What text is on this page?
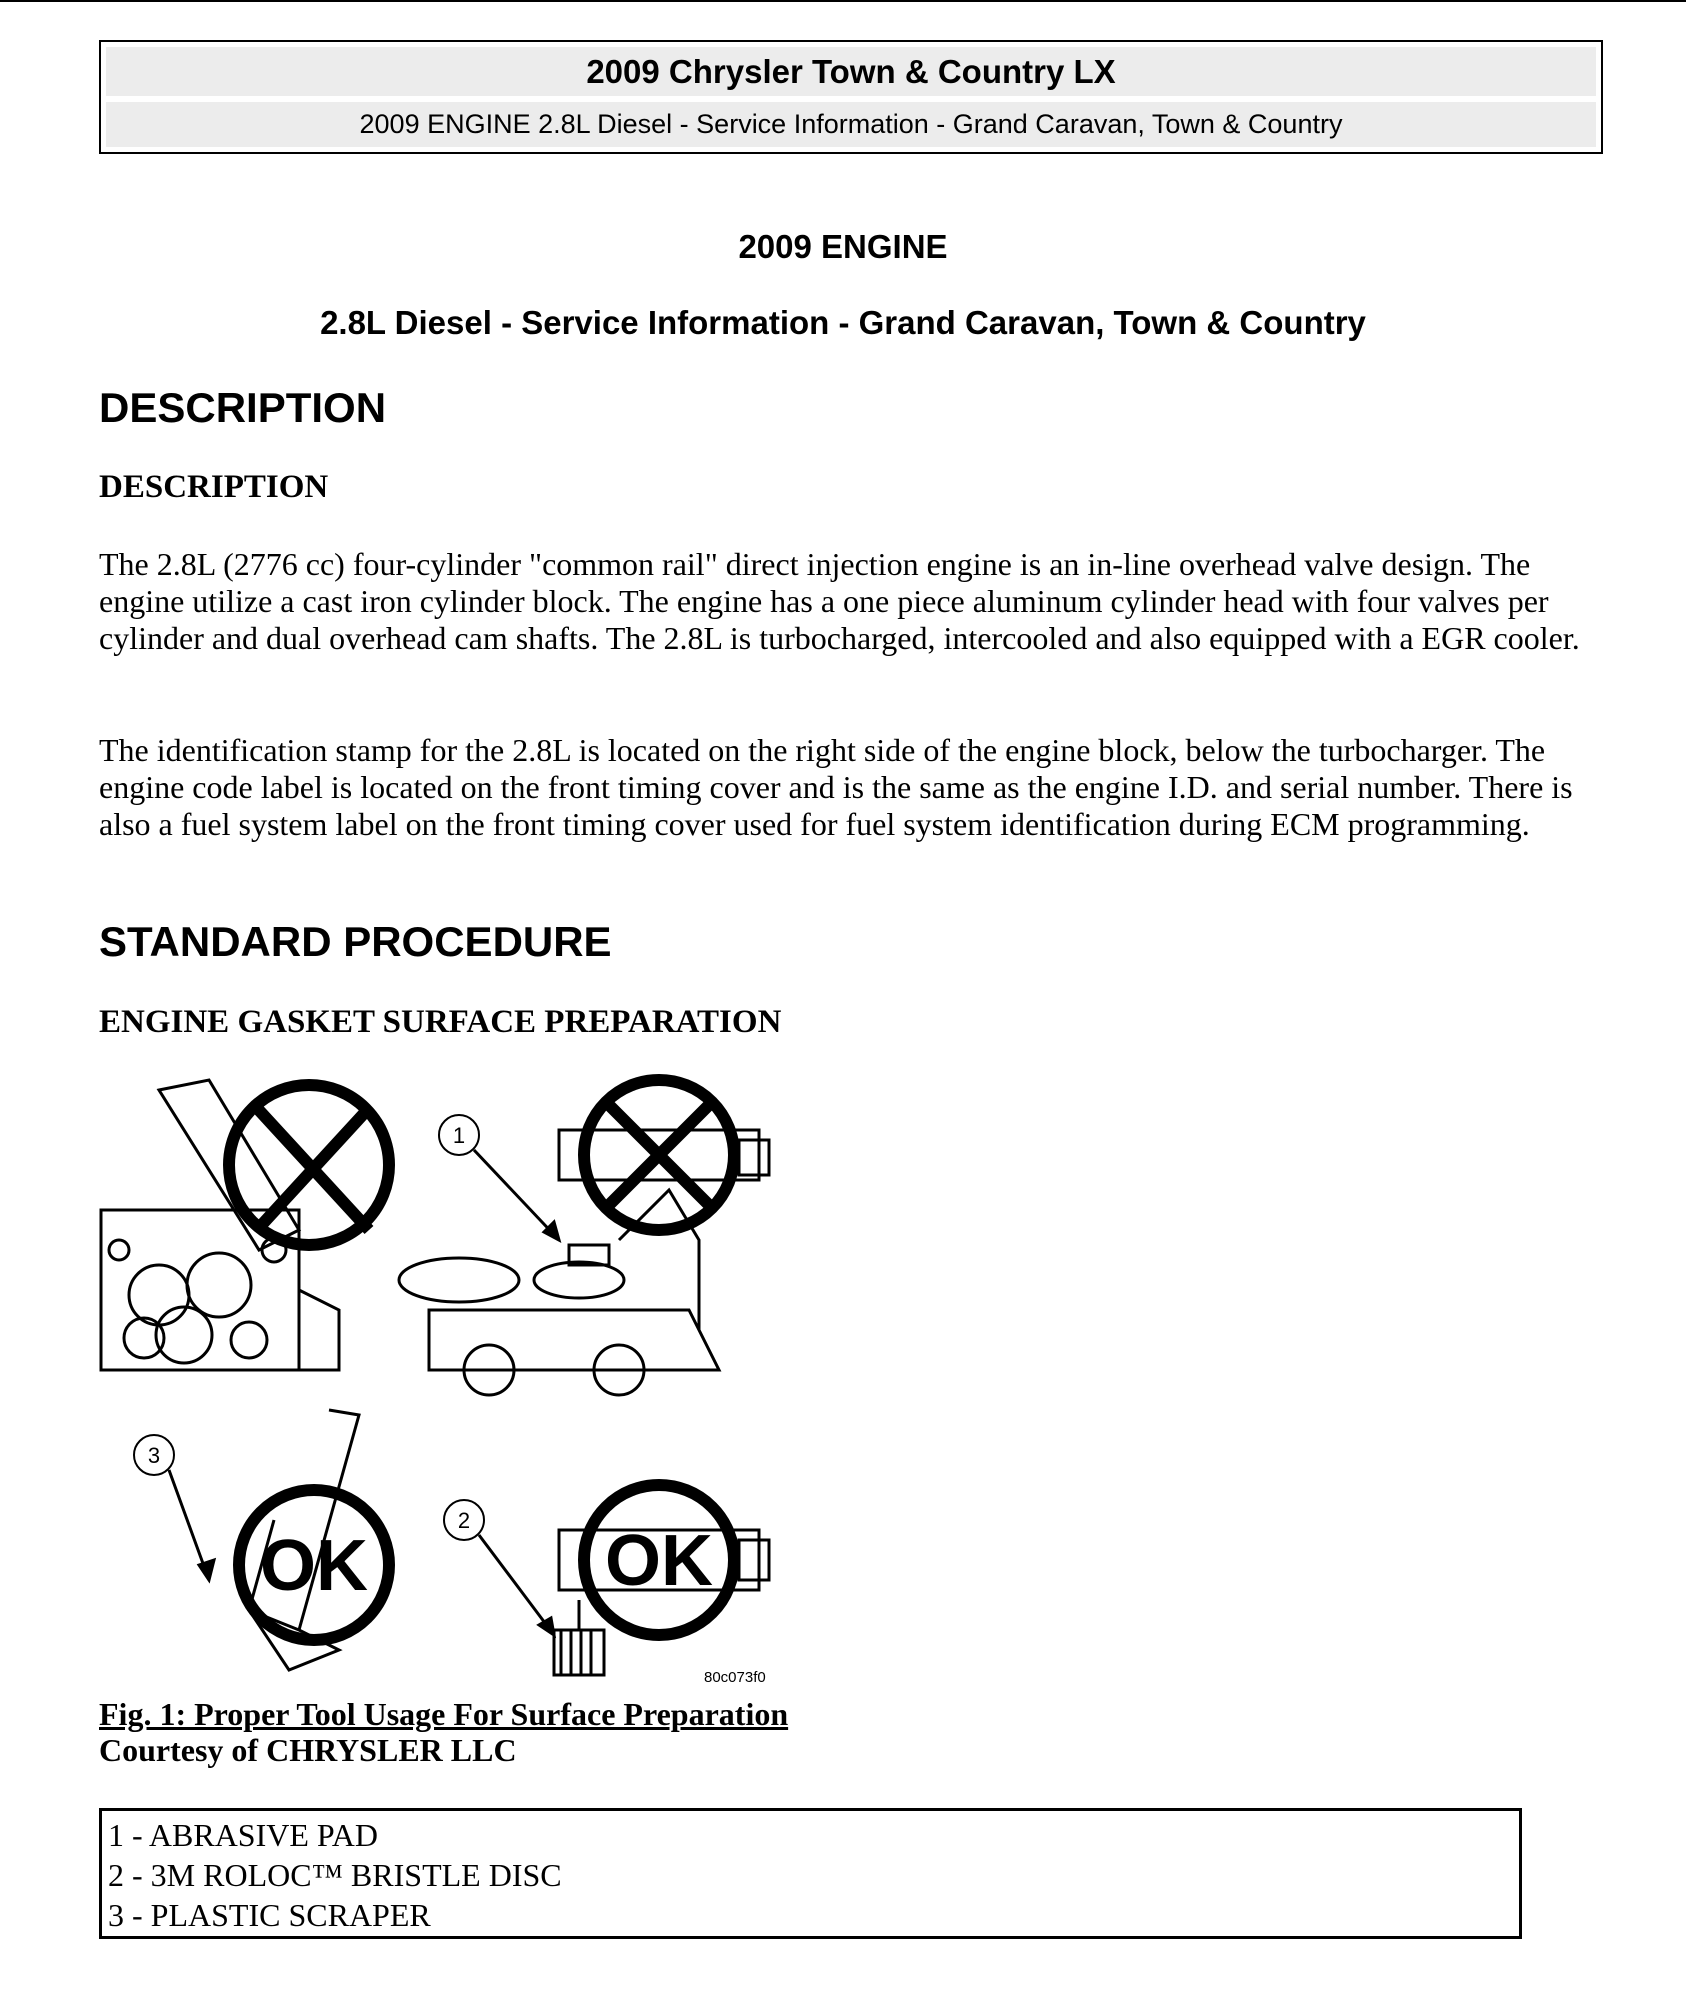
2009 Chrysler Town & Country LX
2009 ENGINE 2.8L Diesel - Service Information - Grand Caravan, Town & Country
2009 ENGINE
2.8L Diesel - Service Information - Grand Caravan, Town & Country
DESCRIPTION
DESCRIPTION
The 2.8L (2776 cc) four-cylinder "common rail" direct injection engine is an in-line overhead valve design. The engine utilize a cast iron cylinder block. The engine has a one piece aluminum cylinder head with four valves per cylinder and dual overhead cam shafts. The 2.8L is turbocharged, intercooled and also equipped with a EGR cooler.
The identification stamp for the 2.8L is located on the right side of the engine block, below the turbocharger. The engine code label is located on the front timing cover and is the same as the engine I.D. and serial number. There is also a fuel system label on the front timing cover used for fuel system identification during ECM programming.
STANDARD PROCEDURE
ENGINE GASKET SURFACE PREPARATION
OK	OK
1
2
3
80c073f0
Fig. 1: Proper Tool Usage For Surface Preparation
Courtesy of CHRYSLER LLC
1 - ABRASIVE PAD
2 - 3M ROLOC™ BRISTLE DISC
3 - PLASTIC SCRAPER
